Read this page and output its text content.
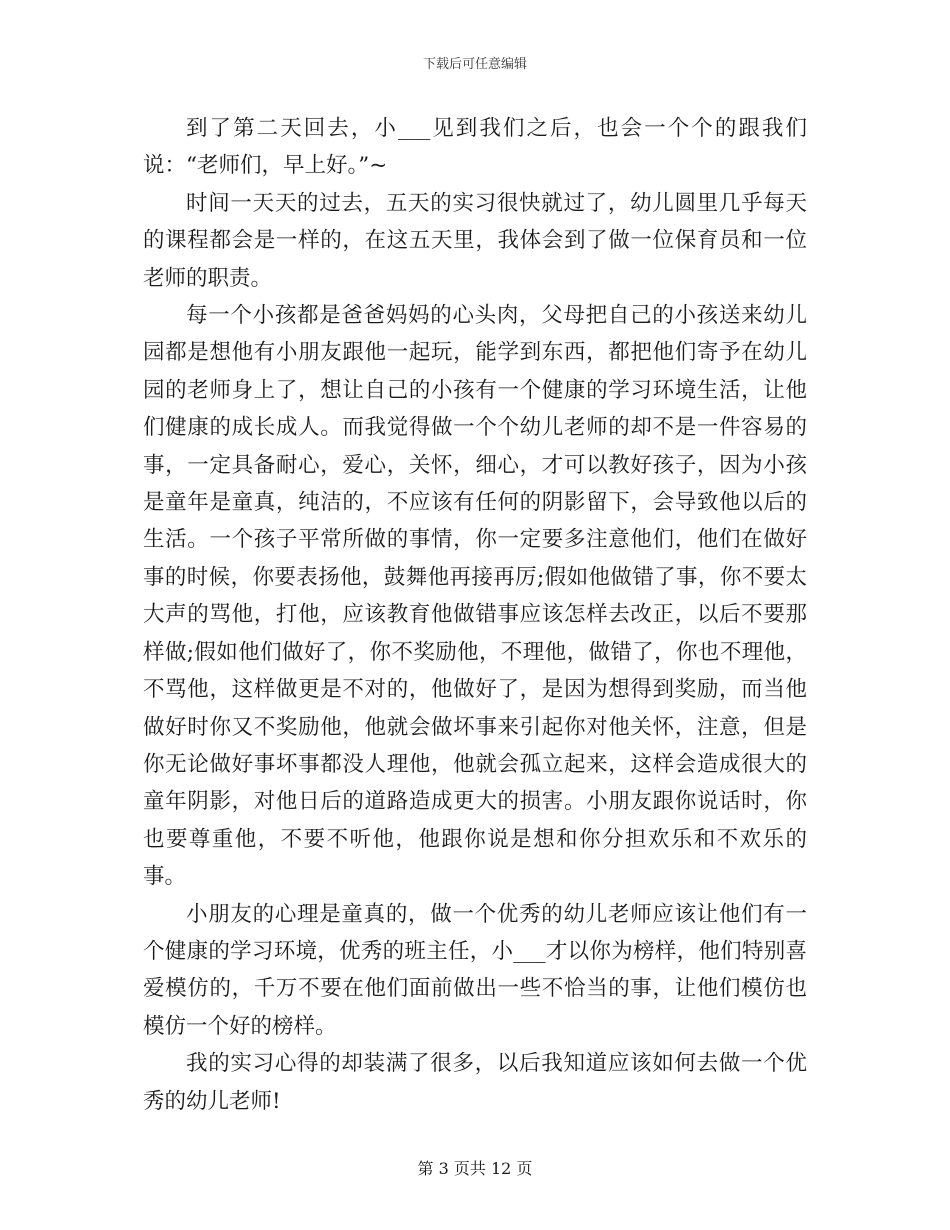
下载后可任意编辑

到了第二天回去，小___见到我们之后，也会一个个的跟我们说：“老师们，早上好。”~

时间一天天的过去，五天的实习很快就过了，幼儿圆里几乎每天的课程都会是一样的，在这五天里，我体会到了做一位保育员和一位老师的职责。

每一个小孩都是爸爸妈妈的心头肉，父母把自己的小孩送来幼儿园都是想他有小朋友跟他一起玩，能学到东西，都把他们寄予在幼儿园的老师身上了，想让自己的小孩有一个健康的学习环境生活，让他们健康的成长成人。而我觉得做一个个幼儿老师的却不是一件容易的事，一定具备耐心，爱心，关怀，细心，才可以教好孩子，因为小孩是童年是童真，纯洁的，不应该有任何的阴影留下，会导致他以后的生活。一个孩子平常所做的事情，你一定要多注意他们，他们在做好事的时候，你要表扬他，鼓舞他再接再厉;假如他做错了事，你不要太大声的骂他，打他，应该教育他做错事应该怎样去改正，以后不要那样做;假如他们做好了，你不奖励他，不理他，做错了，你也不理他，不骂他，这样做更是不对的，他做好了，是因为想得到奖励，而当他做好时你又不奖励他，他就会做坏事来引起你对他关怀，注意，但是你无论做好事坏事都没人理他，他就会孤立起来，这样会造成很大的童年阴影，对他日后的道路造成更大的损害。小朋友跟你说话时，你也要尊重他，不要不听他，他跟你说是想和你分担欢乐和不欢乐的事。

小朋友的心理是童真的，做一个优秀的幼儿老师应该让他们有一个健康的学习环境，优秀的班主任，小___才以你为榜样，他们特别喜爱模仿的，千万不要在他们面前做出一些不恰当的事，让他们模仿也模仿一个好的榜样。

我的实习心得的却装满了很多，以后我知道应该如何去做一个优秀的幼儿老师!

第 3 页共 12 页
